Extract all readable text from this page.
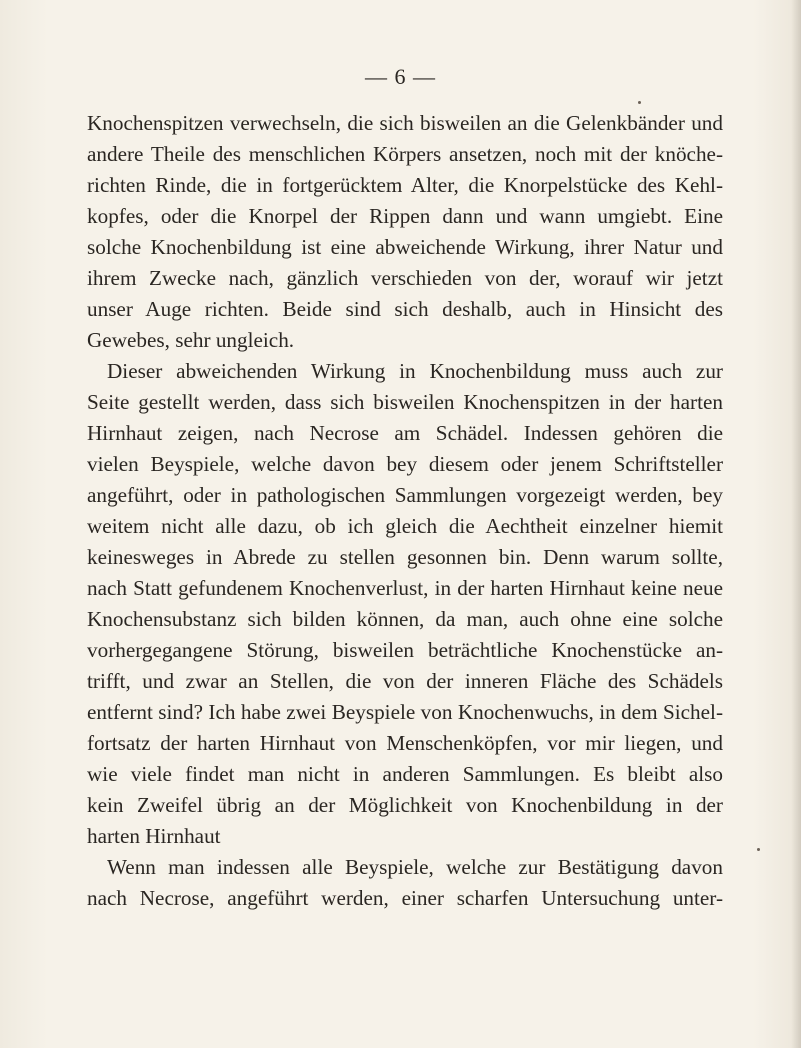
— 6 —
Knochenspitzen verwechseln, die sich bisweilen an die Gelenkbänder und
andere Theile des menschlichen Körpers ansetzen, noch mit der knöche-
richten Rinde, die in fortgerücktem Alter, die Knorpelstücke des Kehl-
kopfes, oder die Knorpel der Rippen dann und wann umgiebt. Eine
solche Knochenbildung ist eine abweichende Wirkung, ihrer Natur und
ihrem Zwecke nach, gänzlich verschieden von der, worauf wir jetzt
unser Auge richten. Beide sind sich deshalb, auch in Hinsicht des
Gewebes, sehr ungleich.
Dieser abweichenden Wirkung in Knochenbildung muss auch zur
Seite gestellt werden, dass sich bisweilen Knochenspitzen in der harten
Hirnhaut zeigen, nach Necrose am Schädel. Indessen gehören die
vielen Beyspiele, welche davon bey diesem oder jenem Schriftsteller
angeführt, oder in pathologischen Sammlungen vorgezeigt werden, bey
weitem nicht alle dazu, ob ich gleich die Aechtheit einzelner hiemit
keinesweges in Abrede zu stellen gesonnen bin. Denn warum sollte,
nach Statt gefundenem Knochenverlust, in der harten Hirnhaut keine neue
Knochensubstanz sich bilden können, da man, auch ohne eine solche
vorhergegangene Störung, bisweilen beträchtliche Knochenstücke an-
trifft, und zwar an Stellen, die von der inneren Fläche des Schädels
entfernt sind? Ich habe zwei Beyspiele von Knochenwuchs, in dem Sichel-
fortsatz der harten Hirnhaut von Menschenköpfen, vor mir liegen, und
wie viele findet man nicht in anderen Sammlungen. Es bleibt also
kein Zweifel übrig an der Möglichkeit von Knochenbildung in der
harten Hirnhaut
Wenn man indessen alle Beyspiele, welche zur Bestätigung davon
nach Necrose, angeführt werden, einer scharfen Untersuchung unter-
